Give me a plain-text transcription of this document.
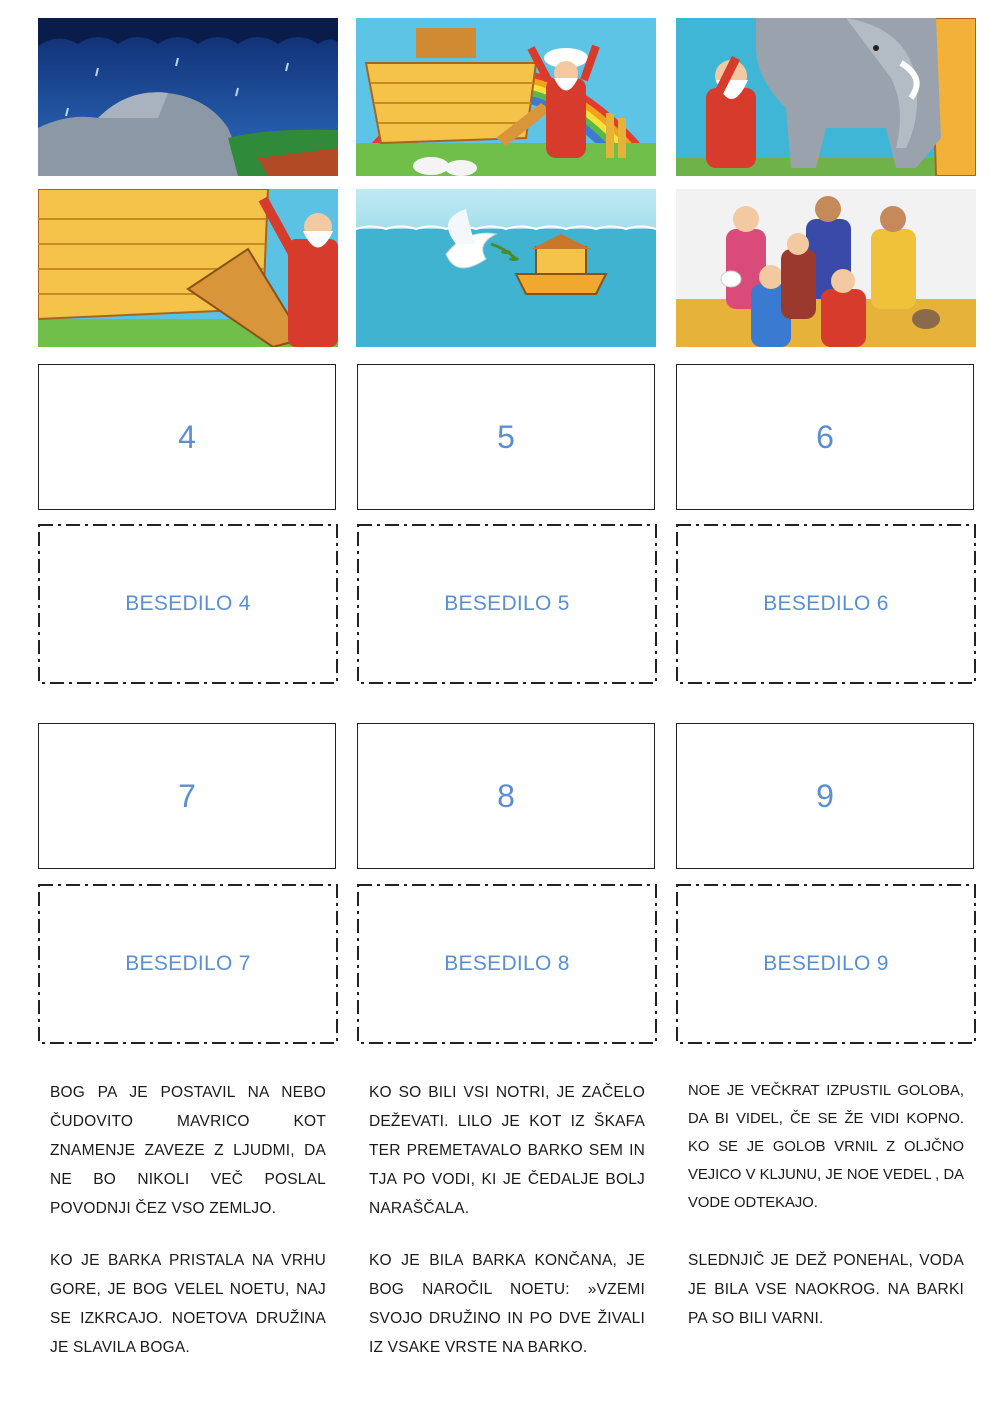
4	5	6
BESEDILO 4	BESEDILO 5	BESEDILO 6
7	8	9
BESEDILO 7	BESEDILO 8	BESEDILO 9

BOG PA JE POSTAVIL NA NEBO ČUDOVITO MAVRICO KOT ZNAMENJE ZAVEZE Z LJUDMI, DA NE BO NIKOLI VEČ POSLAL POVODNJI ČEZ VSO ZEMLJO.

KO SO BILI VSI NOTRI, JE ZAČELO DEŽEVATI. LILO JE KOT IZ ŠKAFA TER PREMETAVALO BARKO SEM IN TJA PO VODI, KI JE ČEDALJE BOLJ NARAŠČALA.

NOE JE VEČKRAT IZPUSTIL GOLOBA, DA BI VIDEL, ČE SE ŽE VIDI KOPNO. KO SE JE GOLOB VRNIL Z OLJČNO VEJICO V KLJUNU, JE NOE VEDEL , DA VODE ODTEKAJO.

KO JE BARKA PRISTALA NA VRHU GORE, JE BOG VELEL NOETU, NAJ SE IZKRCAJO. NOETOVA DRUŽINA JE SLAVILA BOGA.

KO JE BILA BARKA KONČANA, JE BOG NAROČIL NOETU: »VZEMI SVOJO DRUŽINO IN PO DVE ŽIVALI IZ VSAKE VRSTE NA BARKO.

SLEDNJIČ JE DEŽ PONEHAL, VODA JE BILA VSE NAOKROG. NA BARKI PA SO BILI VARNI.
